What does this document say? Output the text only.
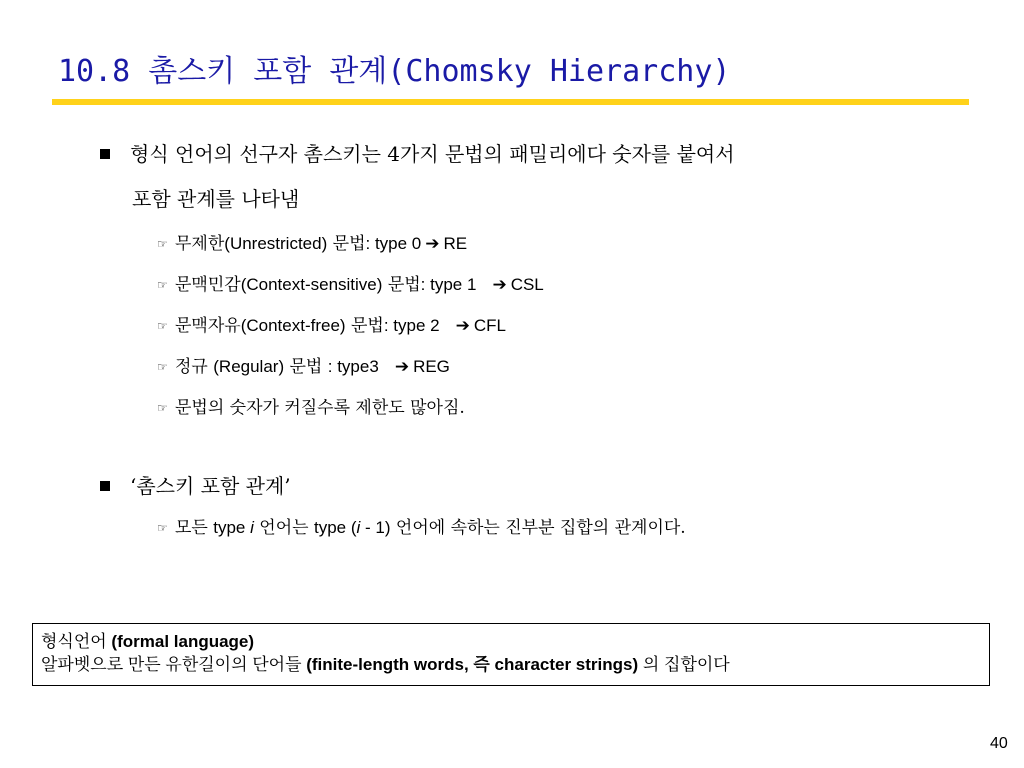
10.8 촘스키 포함 관계(Chomsky Hierarchy)
형식 언어의 선구자 촘스키는 4가지 문법의 패밀리에다 숫자를 붙여서
포함 관계를 나타냄
☞ 무제한(Unrestricted) 문법: type 0 ➔ RE
☞ 문맥민감(Context-sensitive) 문법: type 1 ➔ CSL
☞ 문맥자유(Context-free) 문법: type 2 ➔ CFL
☞ 정규 (Regular) 문법 : type3 ➔ REG
☞ 문법의 숫자가 커질수록 제한도 많아짐.
‘촘스키 포함 관계’
☞ 모든 type i 언어는 type (i - 1) 언어에 속하는 진부분 집합의 관계이다.
형식언어 (formal language)
알파벳으로 만든 유한길이의 단어들 (finite-length words, 즉 character strings) 의 집합이다
40
